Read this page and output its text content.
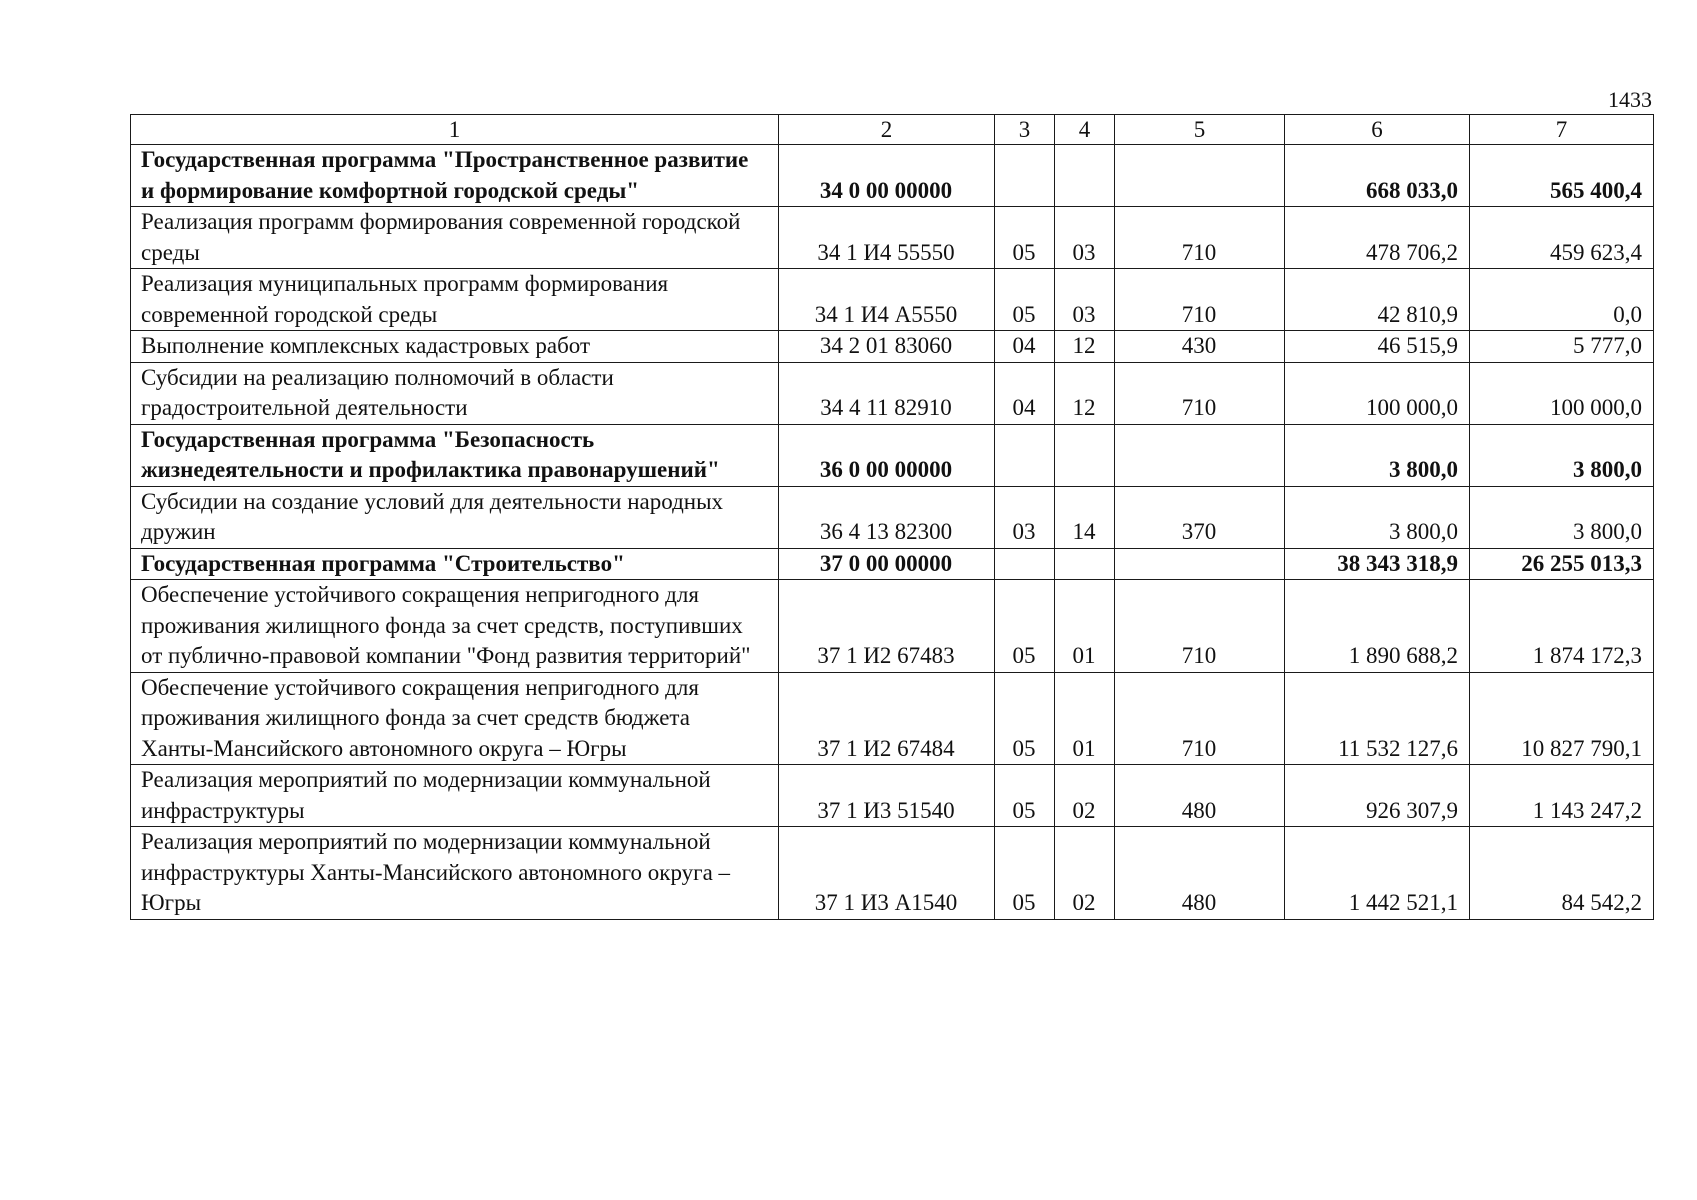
1433
1	2	3	4	5	6	7
Государственная программа "Пространственное развитие и формирование комфортной городской среды"	34 0 00 00000				668 033,0	565 400,4
Реализация программ формирования современной городской среды	34 1 И4 55550	05	03	710	478 706,2	459 623,4
Реализация муниципальных программ формирования современной городской среды	34 1 И4 А5550	05	03	710	42 810,9	0,0
Выполнение комплексных кадастровых работ	34 2 01 83060	04	12	430	46 515,9	5 777,0
Субсидии на реализацию полномочий в области градостроительной деятельности	34 4 11 82910	04	12	710	100 000,0	100 000,0
Государственная программа "Безопасность жизнедеятельности и профилактика правонарушений"	36 0 00 00000				3 800,0	3 800,0
Субсидии на создание условий для деятельности народных дружин	36 4 13 82300	03	14	370	3 800,0	3 800,0
Государственная программа "Строительство"	37 0 00 00000				38 343 318,9	26 255 013,3
Обеспечение устойчивого сокращения непригодного для проживания жилищного фонда за счет средств, поступивших от публично-правовой компании "Фонд развития территорий"	37 1 И2 67483	05	01	710	1 890 688,2	1 874 172,3
Обеспечение устойчивого сокращения непригодного для проживания жилищного фонда за счет средств бюджета Ханты-Мансийского автономного округа – Югры	37 1 И2 67484	05	01	710	11 532 127,6	10 827 790,1
Реализация мероприятий по модернизации коммунальной инфраструктуры	37 1 И3 51540	05	02	480	926 307,9	1 143 247,2
Реализация мероприятий по модернизации коммунальной инфраструктуры Ханты-Мансийского автономного округа – Югры	37 1 И3 А1540	05	02	480	1 442 521,1	84 542,2
